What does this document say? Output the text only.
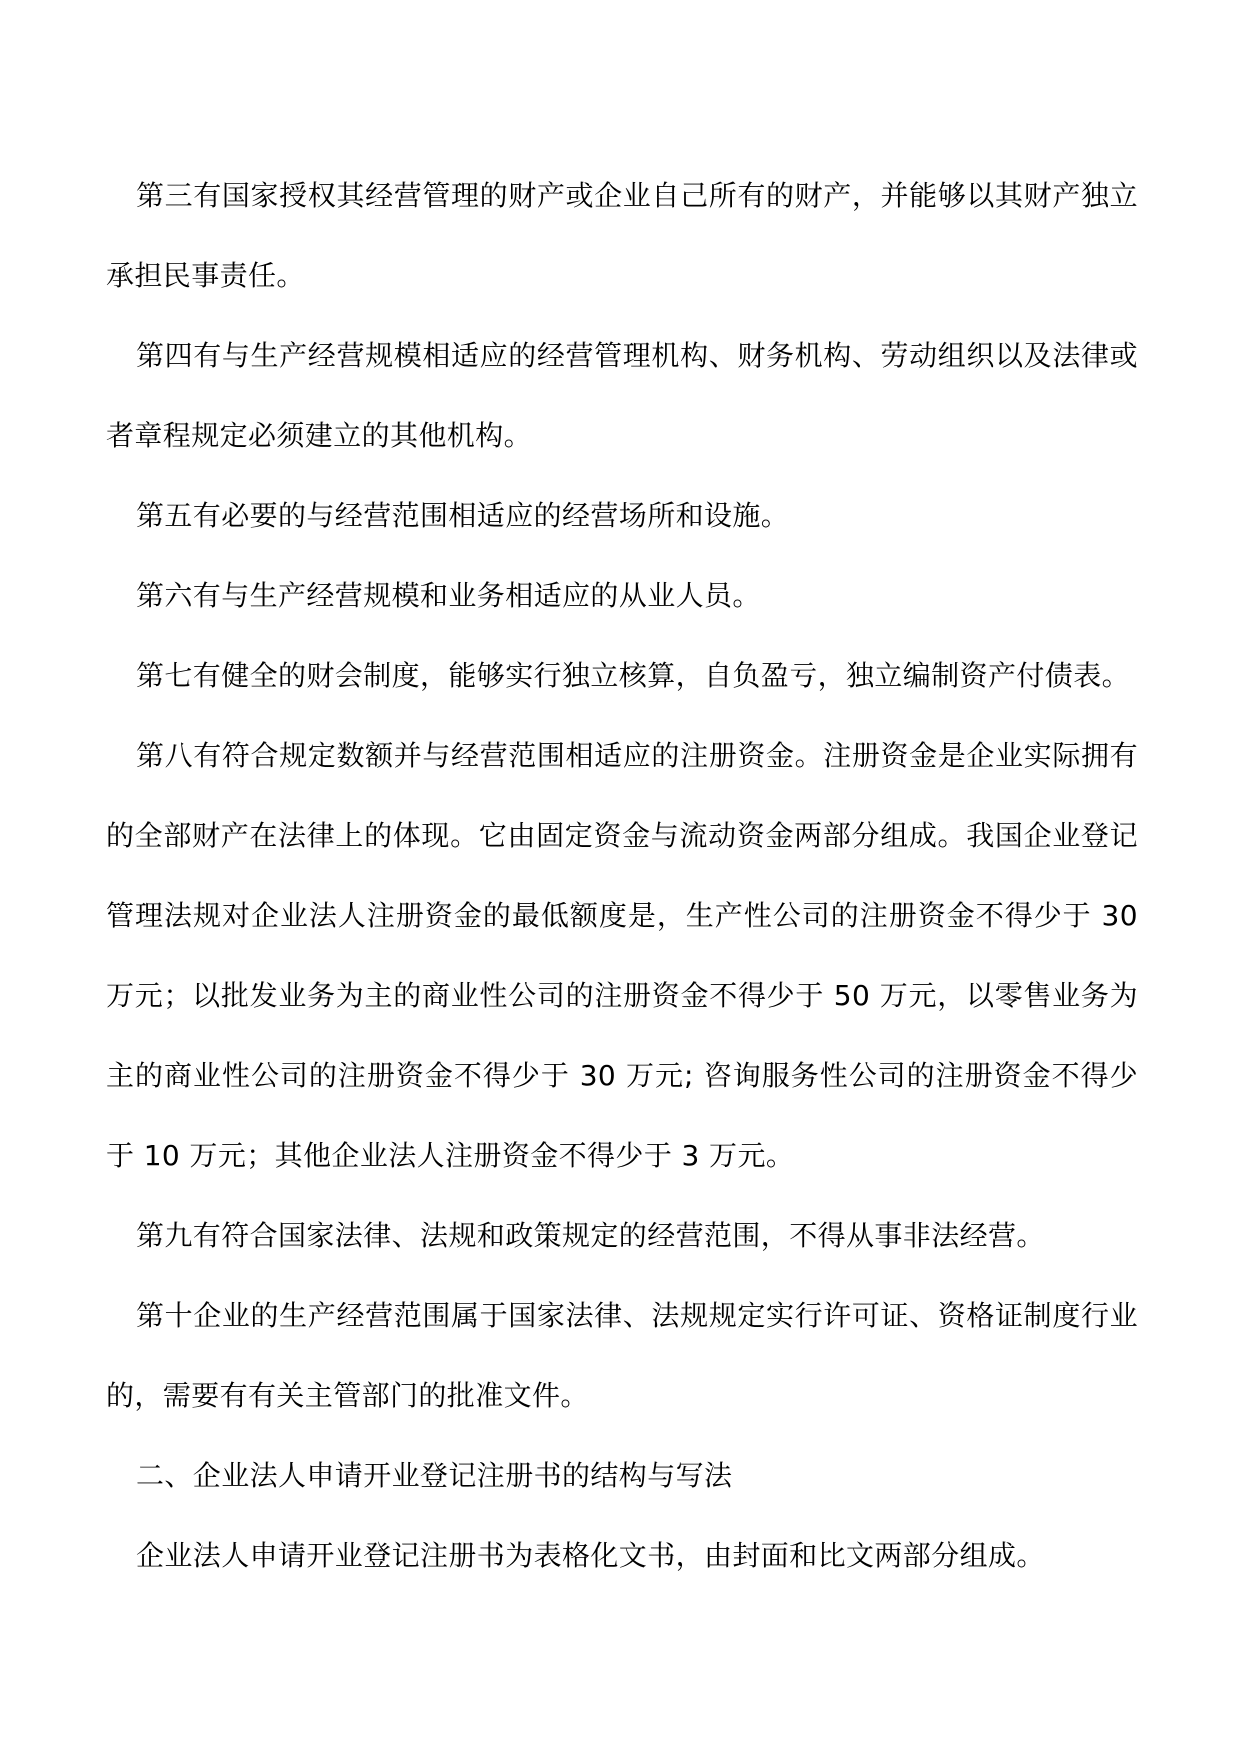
第三有国家授权其经营管理的财产或企业自己所有的财产，并能够以其财产独立承担民事责任。

第四有与生产经营规模相适应的经营管理机构、财务机构、劳动组织以及法律或者章程规定必须建立的其他机构。

第五有必要的与经营范围相适应的经营场所和设施。

第六有与生产经营规模和业务相适应的从业人员。

第七有健全的财会制度，能够实行独立核算，自负盈亏，独立编制资产付债表。

第八有符合规定数额并与经营范围相适应的注册资金。注册资金是企业实际拥有的全部财产在法律上的体现。它由固定资金与流动资金两部分组成。我国企业登记管理法规对企业法人注册资金的最低额度是，生产性公司的注册资金不得少于 30 万元；以批发业务为主的商业性公司的注册资金不得少于 50 万元，以零售业务为主的商业性公司的注册资金不得少于 30 万元; 咨询服务性公司的注册资金不得少于 10 万元；其他企业法人注册资金不得少于 3 万元。

第九有符合国家法律、法规和政策规定的经营范围，不得从事非法经营。

第十企业的生产经营范围属于国家法律、法规规定实行许可证、资格证制度行业的，需要有有关主管部门的批准文件。

二、企业法人申请开业登记注册书的结构与写法

企业法人申请开业登记注册书为表格化文书，由封面和比文两部分组成。
